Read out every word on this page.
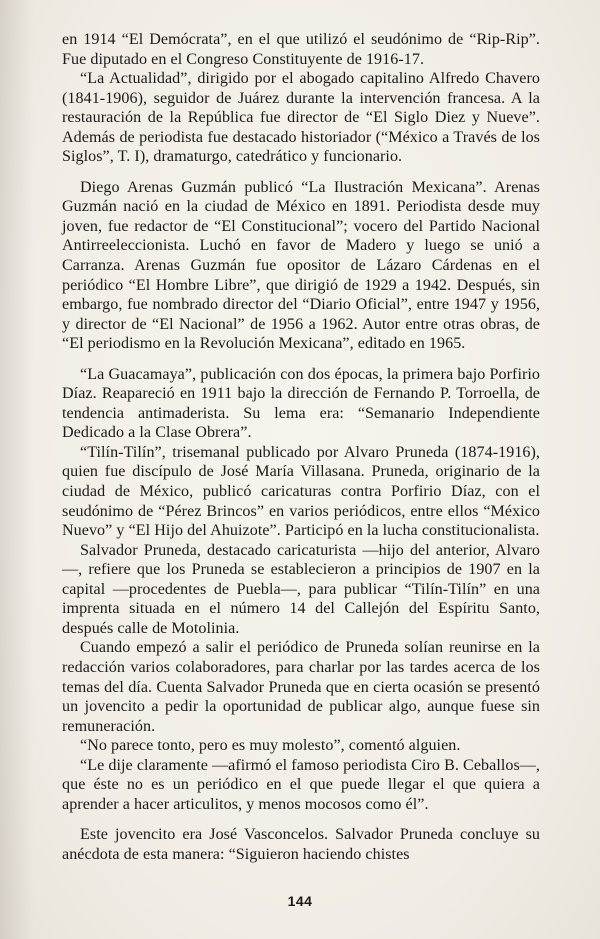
en 1914 “El Demócrata”, en el que utilizó el seudónimo de “Rip-Rip”. Fue diputado en el Congreso Constituyente de 1916-17.

“La Actualidad”, dirigido por el abogado capitalino Alfredo Chavero (1841-1906), seguidor de Juárez durante la intervención francesa. A la restauración de la República fue director de “El Siglo Diez y Nueve”. Además de periodista fue destacado historiador (“México a Través de los Siglos”, T. I), dramaturgo, catedrático y funcionario.

Diego Arenas Guzmán publicó “La Ilustración Mexicana”. Arenas Guzmán nació en la ciudad de México en 1891. Periodista desde muy joven, fue redactor de “El Constitucional”; vocero del Partido Nacional Antirreeleccionista. Luchó en favor de Madero y luego se unió a Carranza. Arenas Guzmán fue opositor de Lázaro Cárdenas en el periódico “El Hombre Libre”, que dirigió de 1929 a 1942. Después, sin embargo, fue nombrado director del “Diario Oficial”, entre 1947 y 1956, y director de “El Nacional” de 1956 a 1962. Autor entre otras obras, de “El periodismo en la Revolución Mexicana”, editado en 1965.

“La Guacamaya”, publicación con dos épocas, la primera bajo Porfirio Díaz. Reapareció en 1911 bajo la dirección de Fernando P. Torroella, de tendencia antimaderista. Su lema era: “Semanario Independiente Dedicado a la Clase Obrera”.

“Tilín-Tilín”, trisemanal publicado por Alvaro Pruneda (1874-1916), quien fue discípulo de José María Villasana. Pruneda, originario de la ciudad de México, publicó caricaturas contra Porfirio Díaz, con el seudónimo de “Pérez Brincos” en varios periódicos, entre ellos “México Nuevo” y “El Hijo del Ahuizote”. Participó en la lucha constitucionalista.

Salvador Pruneda, destacado caricaturista —hijo del anterior, Alvaro—, refiere que los Pruneda se establecieron a principios de 1907 en la capital —procedentes de Puebla—, para publicar “Tilín-Tilín” en una imprenta situada en el número 14 del Callejón del Espíritu Santo, después calle de Motolinia.

Cuando empezó a salir el periódico de Pruneda solían reunirse en la redacción varios colaboradores, para charlar por las tardes acerca de los temas del día. Cuenta Salvador Pruneda que en cierta ocasión se presentó un jovencito a pedir la oportunidad de publicar algo, aunque fuese sin remuneración.

“No parece tonto, pero es muy molesto”, comentó alguien.

“Le dije claramente —afirmó el famoso periodista Ciro B. Ceballos—, que éste no es un periódico en el que puede llegar el que quiera a aprender a hacer articulitos, y menos mocosos como él”.

Este jovencito era José Vasconcelos. Salvador Pruneda concluye su anécdota de esta manera: “Siguieron haciendo chistes

144
